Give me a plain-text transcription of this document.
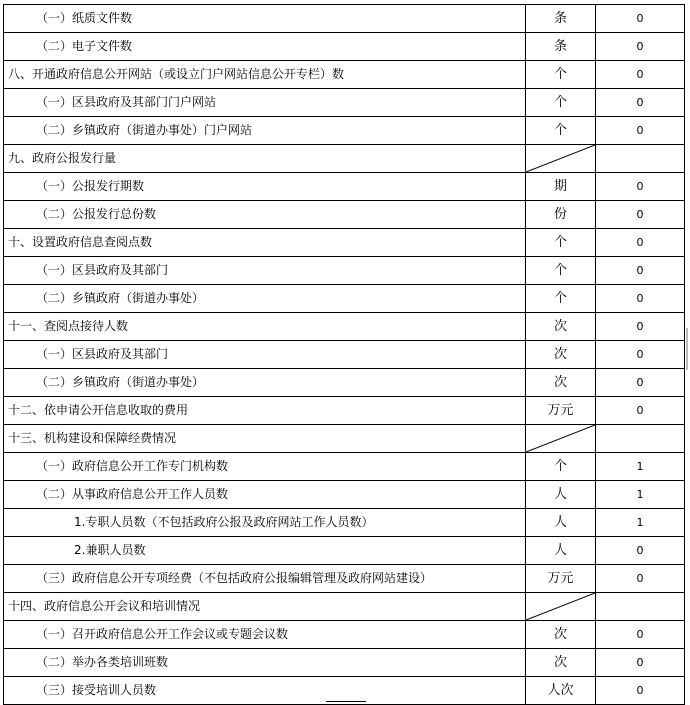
（一）纸质文件数	条	0
（二）电子文件数	条	0
八、开通政府信息公开网站（或设立门户网站信息公开专栏）数	个	0
（一）区县政府及其部门门户网站	个	0
（二）乡镇政府（街道办事处）门户网站	个	0
九、政府公报发行量	

（一）公报发行期数	期	0
（二）公报发行总份数	份	0
十、设置政府信息查阅点数	个	0
（一）区县政府及其部门	个	0
（二）乡镇政府（街道办事处）	个	0
十一、查阅点接待人数	次	0
（一）区县政府及其部门	次	0
（二）乡镇政府（街道办事处）	次	0
十二、依申请公开信息收取的费用	万元	0
十三、机构建设和保障经费情况	

（一）政府信息公开工作专门机构数	个	1
（二）从事政府信息公开工作人员数	人	1
1.专职人员数（不包括政府公报及政府网站工作人员数）	人	1
2.兼职人员数	人	0
（三）政府信息公开专项经费（不包括政府公报编辑管理及政府网站建设）	万元	0
十四、政府信息公开会议和培训情况	

（一）召开政府信息公开工作会议或专题会议数	次	0
（二）举办各类培训班数	次	0
（三）接受培训人员数	人次	0
